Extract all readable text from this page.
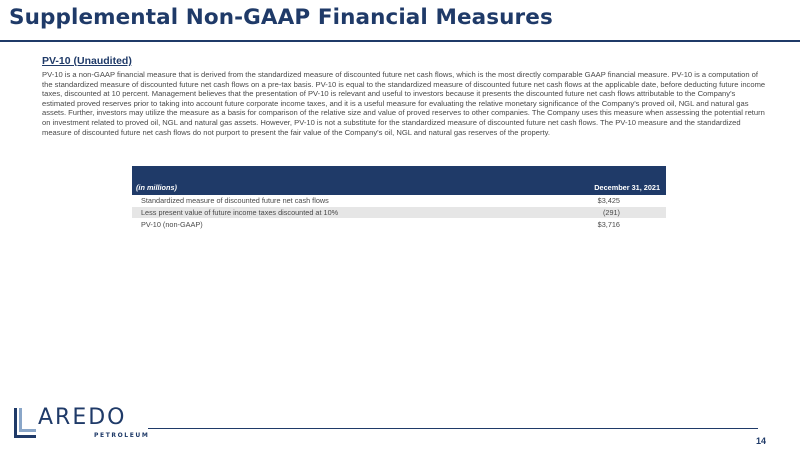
Supplemental Non-GAAP Financial Measures
PV-10 (Unaudited)
PV-10 is a non-GAAP financial measure that is derived from the standardized measure of discounted future net cash flows, which is the most directly comparable GAAP financial measure. PV-10 is a computation of the standardized measure of discounted future net cash flows on a pre-tax basis. PV-10 is equal to the standardized measure of discounted future net cash flows at the applicable date, before deducting future income taxes, discounted at 10 percent. Management believes that the presentation of PV-10 is relevant and useful to investors because it presents the discounted future net cash flows attributable to the Company's estimated proved reserves prior to taking into account future corporate income taxes, and it is a useful measure for evaluating the relative monetary significance of the Company's proved oil, NGL and natural gas assets. Further, investors may utilize the measure as a basis for comparison of the relative size and value of proved reserves to other companies. The Company uses this measure when assessing the potential return on investment related to proved oil, NGL and natural gas assets. However, PV-10 is not a substitute for the standardized measure of discounted future net cash flows. The PV-10 measure and the standardized measure of discounted future net cash flows do not purport to present the fair value of the Company's oil, NGL and natural gas reserves of the property.
(in millions)	December 31, 2021
Standardized measure of discounted future net cash flows	$3,425
Less present value of future income taxes discounted at 10%	(291)
PV-10 (non-GAAP)	$3,716
AREDO
PETROLEUM
14
